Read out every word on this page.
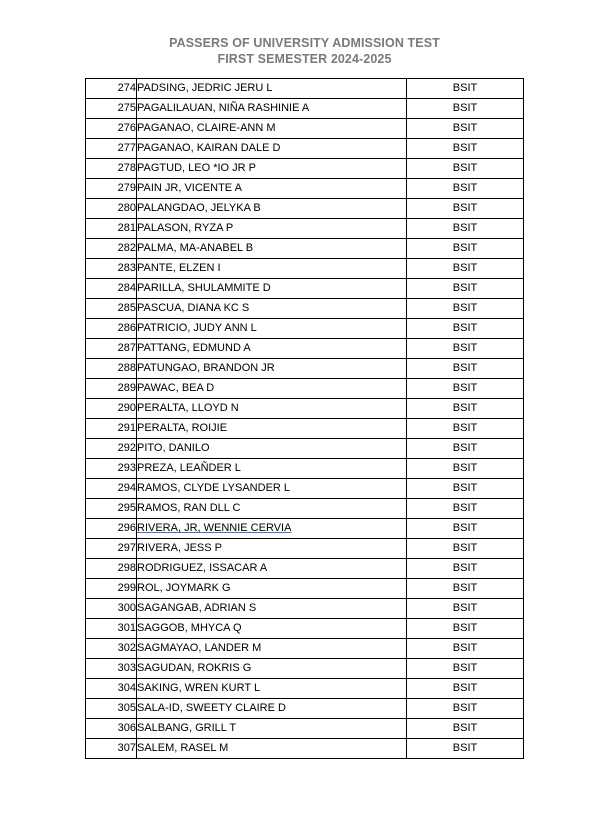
PASSERS OF UNIVERSITY ADMISSION TEST
FIRST SEMESTER 2024-2025
274	PADSING, JEDRIC JERU L	BSIT
275	PAGALILAUAN, NIÑA RASHINIE A	BSIT
276	PAGANAO, CLAIRE-ANN M	BSIT
277	PAGANAO, KAIRAN DALE D	BSIT
278	PAGTUD, LEO *IO JR P	BSIT
279	PAIN JR, VICENTE A	BSIT
280	PALANGDAO, JELYKA B	BSIT
281	PALASON, RYZA P	BSIT
282	PALMA, MA-ANABEL B	BSIT
283	PANTE, ELZEN I	BSIT
284	PARILLA, SHULAMMITE D	BSIT
285	PASCUA, DIANA KC S	BSIT
286	PATRICIO, JUDY ANN L	BSIT
287	PATTANG, EDMUND A	BSIT
288	PATUNGAO, BRANDON JR	BSIT
289	PAWAC, BEA D	BSIT
290	PERALTA, LLOYD N	BSIT
291	PERALTA, ROIJIE	BSIT
292	PITO, DANILO	BSIT
293	PREZA, LEAÑDER L	BSIT
294	RAMOS, CLYDE LYSANDER L	BSIT
295	RAMOS, RAN DLL C	BSIT
296	RIVERA, JR, WENNIE CERVIA	BSIT
297	RIVERA, JESS P	BSIT
298	RODRIGUEZ, ISSACAR A	BSIT
299	ROL, JOYMARK G	BSIT
300	SAGANGAB, ADRIAN S	BSIT
301	SAGGOB, MHYCA Q	BSIT
302	SAGMAYAO, LANDER M	BSIT
303	SAGUDAN, ROKRIS G	BSIT
304	SAKING, WREN KURT L	BSIT
305	SALA-ID, SWEETY CLAIRE D	BSIT
306	SALBANG, GRILL T	BSIT
307	SALEM, RASEL M	BSIT
